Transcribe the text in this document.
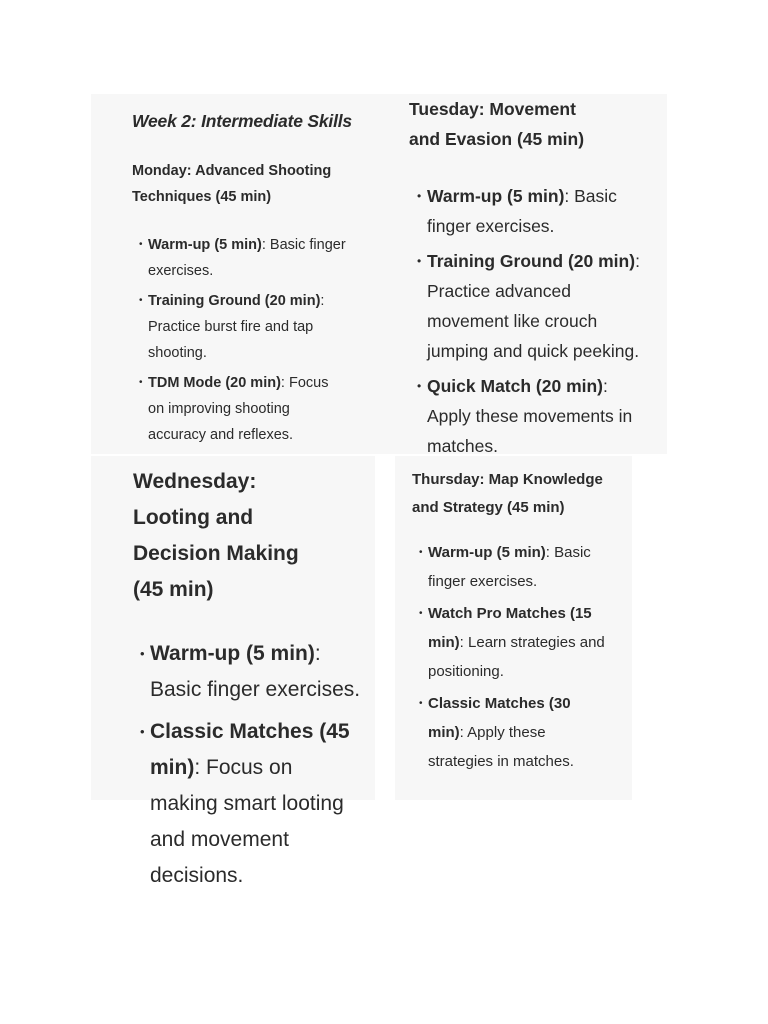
Week 2: Intermediate Skills
Monday: Advanced Shooting Techniques (45 min)
• Warm-up (5 min): Basic finger exercises.
• Training Ground (20 min): Practice burst fire and tap shooting.
• TDM Mode (20 min): Focus on improving shooting accuracy and reflexes.
Tuesday: Movement and Evasion (45 min)
• Warm-up (5 min): Basic finger exercises.
• Training Ground (20 min): Practice advanced movement like crouch jumping and quick peeking.
• Quick Match (20 min): Apply these movements in matches.
Wednesday: Looting and Decision Making (45 min)
• Warm-up (5 min): Basic finger exercises.
• Classic Matches (45 min): Focus on making smart looting and movement decisions.
Thursday: Map Knowledge and Strategy (45 min)
• Warm-up (5 min): Basic finger exercises.
• Watch Pro Matches (15 min): Learn strategies and positioning.
• Classic Matches (30 min): Apply these strategies in matches.
